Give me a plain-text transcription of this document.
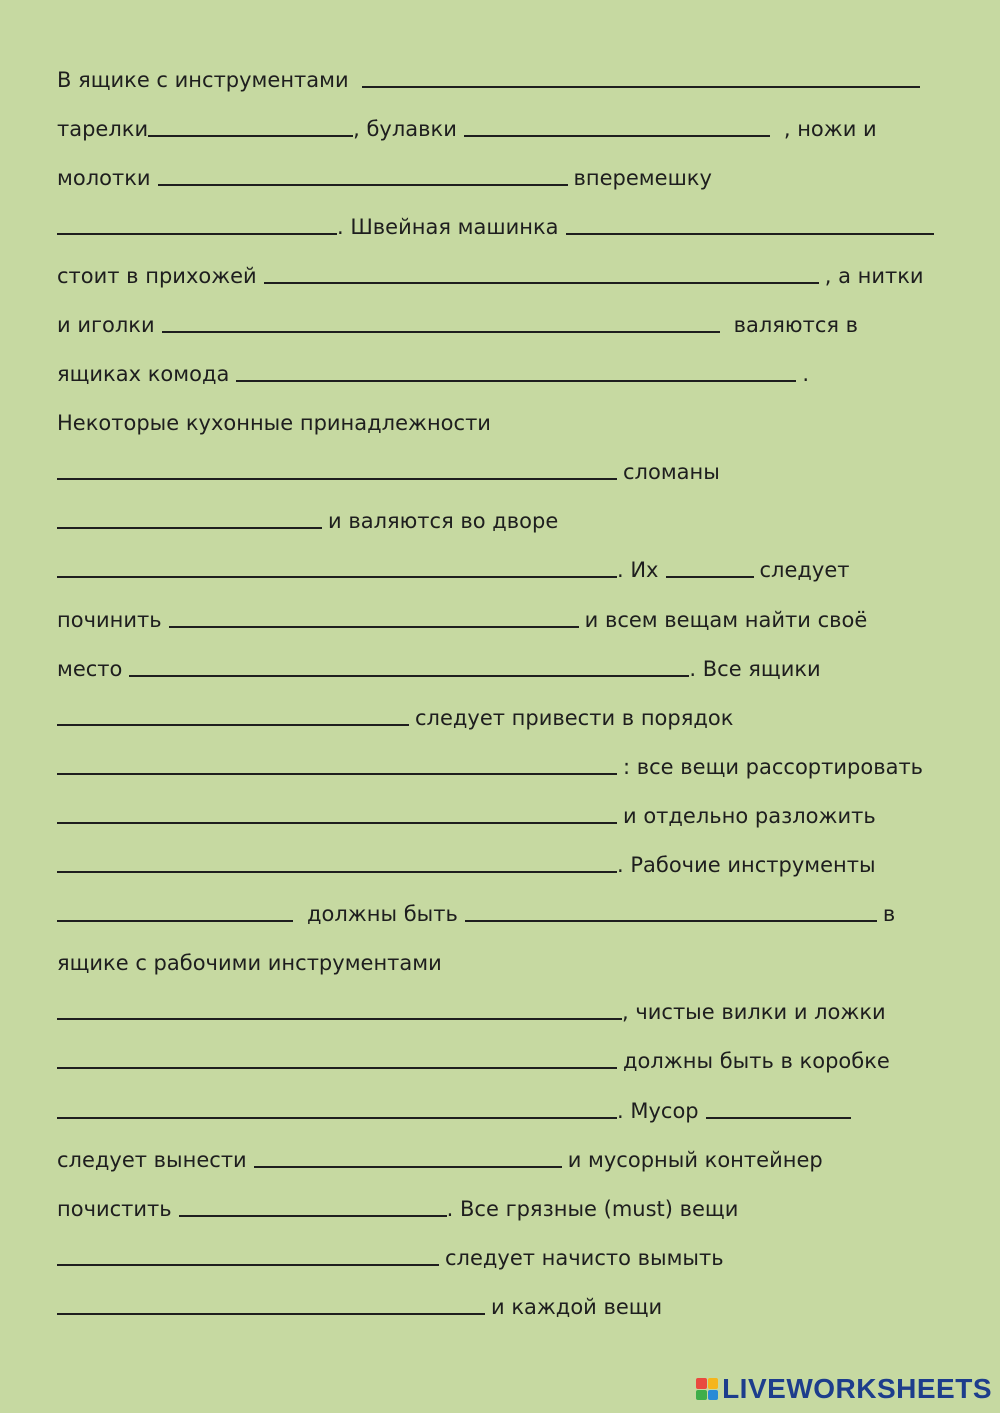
В ящике с инструментами
тарелки	, булавки	, ножи и
молотки	вперемешку
. Швейная машинка
стоит в прихожей	, а нитки
и иголки	валяются в
ящиках комода	.
Некоторые кухонные принадлежности
сломаны
и валяются во дворе
. Их	следует
починить	и всем вещам найти своё
место	. Все ящики
следует привести в порядок
: все вещи рассортировать
и отдельно разложить
. Рабочие инструменты
должны быть	в
ящике с рабочими инструментами
, чистые вилки и ложки
должны быть в коробке
. Мусор
следует вынести	и мусорный контейнер
почистить	. Все грязные (must) вещи
следует начисто вымыть
и каждой вещи
LIVEWORKSHEETS
